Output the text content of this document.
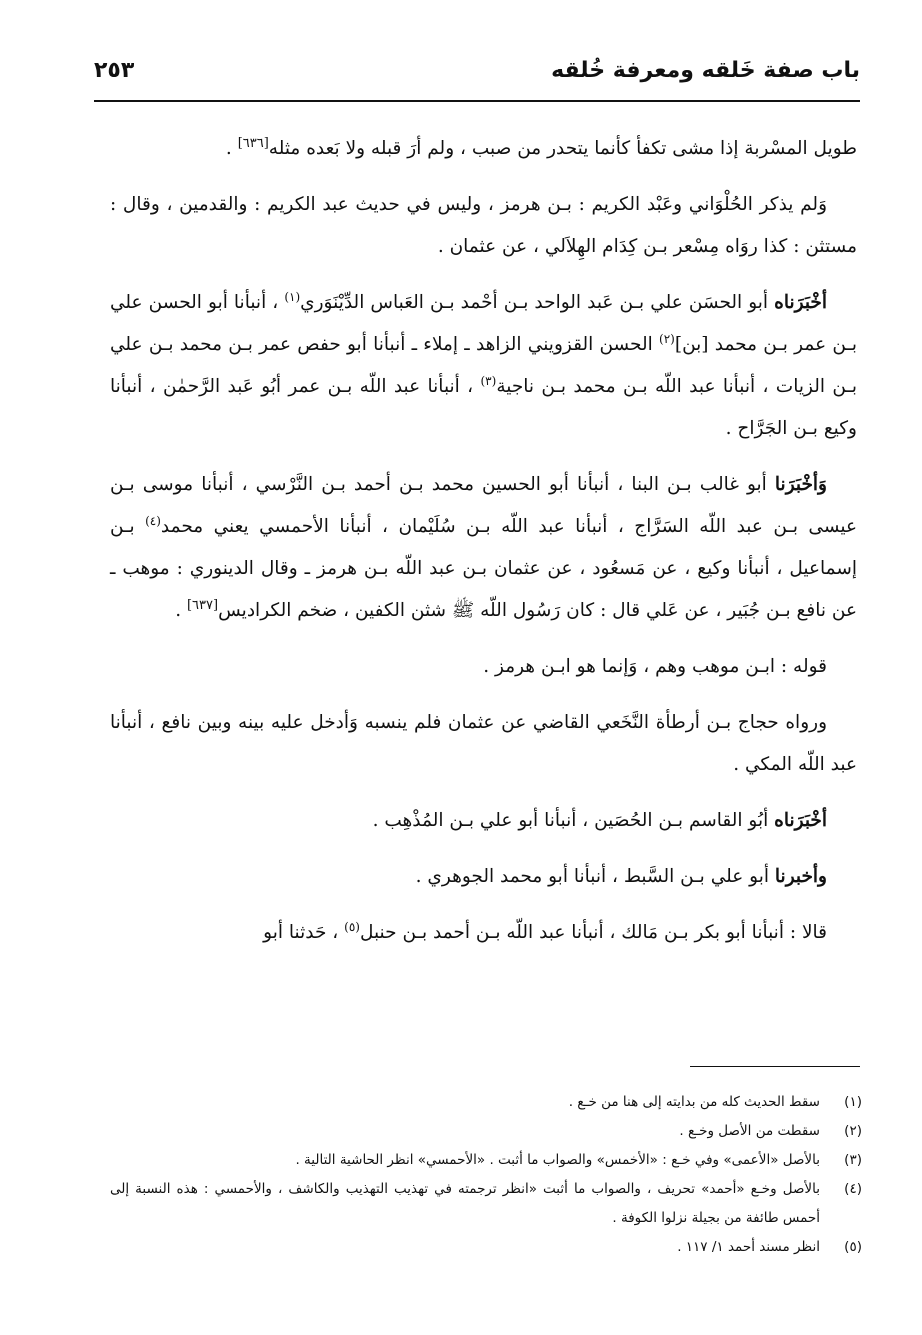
باب صفة خَلقه ومعرفة خُلقه
٢٥٣

طويل المسْربة إذا مشى تكفأ كأنما يتحدر من صبب ، ولم أرَ قبله ولا بَعده مثله[٦٣٦] .

وَلم يذكر الحُلْوَاني وعَبْد الكريم : بـن هرمز ، وليس في حديث عبد الكريم : والقدمين ، وقال : مستثن : كذا روَاه مِسْعر بـن كِدَام الهِلاَلي ، عن عثمان .

أخْبَرَناه أبو الحسَن علي بـن عَبد الواحد بـن أحْمد بـن العَباس الدِّيْنَوَري$^{(١)}$ ، أنبأنا أبو الحسن علي بـن عمر بـن محمد [بن]$^{(٢)}$ الحسن القزويني الزاهد ـ إملاء ـ أنبأنا أبو حفص عمر بـن محمد بـن علي بـن الزيات ، أنبأنا عبد اللّه بـن محمد بـن ناجية$^{(٣)}$ ، أنبأنا عبد اللّه بـن عمر أبُو عَبد الرَّحمٰن ، أنبأنا وكيع بـن الجَرَّاح .

وَأخْبَرَنا أبو غالب بـن البنا ، أنبأنا أبو الحسين محمد بـن أحمد بـن النَّرْسي ، أنبأنا موسى بـن عيسى بـن عبد اللّه السَرَّاج ، أنبأنا عبد اللّه بـن سُلَيْمان ، أنبأنا الأحمسي يعني محمد$^{(٤)}$ بـن إسماعيل ، أنبأنا وكيع ، عن مَسعُود ، عن عثمان بـن عبد اللّه بـن هرمز ـ وقال الدينوري : موهب ـ عن نافع بـن جُبَير ، عن عَلي قال : كان رَسُول اللّه ﷺ شثن الكفين ، ضخم الكراديس[٦٣٧] .

قوله : ابـن موهب وهم ، وَإنما هو ابـن هرمز .

ورواه حجاج بـن أرطأة النَّخَعي القاضي عن عثمان فلم ينسبه وَأدخل عليه بينه وبين نافع ، أنبأنا عبد اللّه المكي .

أخْبَرَناه أبُو القاسم بـن الحُصَين ، أنبأنا أبو علي بـن المُذْهِب .

وأخبرنا أبو علي بـن السَّبط ، أنبأنا أبو محمد الجوهري .

قالا : أنبأنا أبو بكر بـن مَالك ، أنبأنا عبد اللّه بـن أحمد بـن حنبل$^{(٥)}$ ، حَدثنا أبو

(١)
سقط الحديث كله من بدايته إلى هنا من خـع .
(٢)
سقطت من الأصل وخـع .
(٣)
بالأصل «الأعمى» وفي خـع : «الأخمس» والصواب ما أثبت . «الأحمسي» انظر الحاشية التالية .
(٤)
بالأصل وخـع «أحمد» تحريف ، والصواب ما أثبت «انظر ترجمته في تهذيب التهذيب والكاشف ، والأحمسي : هذه النسبة إلى أحمس طائفة من بجيلة نزلوا الكوفة .
(٥)
انظر مسند أحمد ١/ ١١٧ .
